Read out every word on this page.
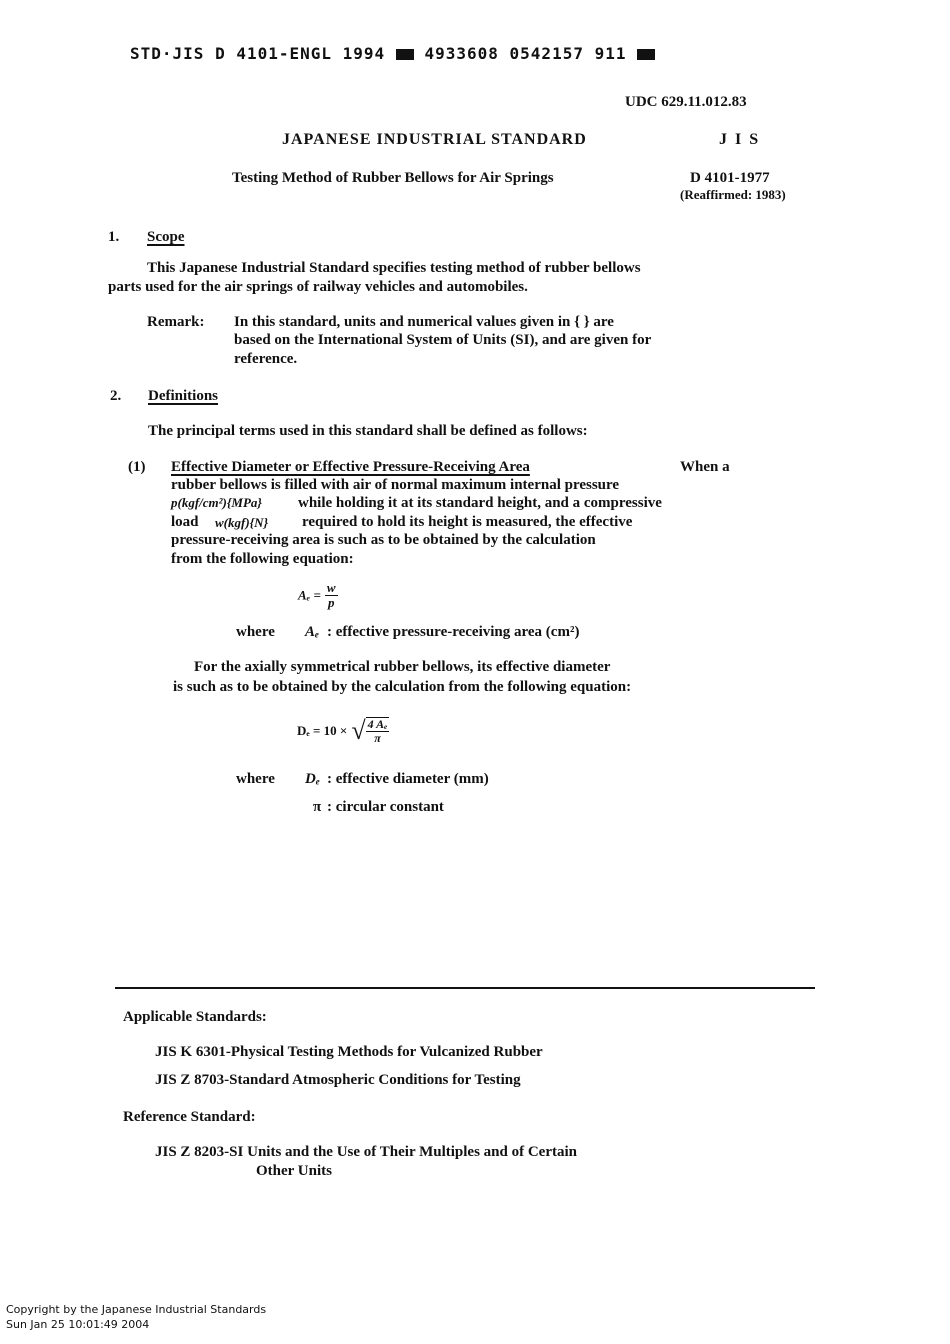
STD·JIS D 4101-ENGL 1994 4933608 0542157 911
UDC 629.11.012.83
JAPANESE INDUSTRIAL STANDARD	J I S
Testing Method of Rubber Bellows for Air Springs	D 4101-1977
(Reaffirmed: 1983)
1. Scope
This Japanese Industrial Standard specifies testing method of rubber bellows
parts used for the air springs of railway vehicles and automobiles.
Remark: In this standard, units and numerical values given in { } are
based on the International System of Units (SI), and are given for
reference.
2. Definitions
The principal terms used in this standard shall be defined as follows:
(1) Effective Diameter or Effective Pressure-Receiving Area	When a
rubber bellows is filled with air of normal maximum internal pressure
p(kgf/cm²){MPa} while holding it at its standard height, and a compressive
load w(kgf){N} required to hold its height is measured, the effective
pressure-receiving area is such as to be obtained by the calculation
from the following equation:
$A_e = \frac{w}{p}$
where Aₑ : effective pressure-receiving area (cm²)
For the axially symmetrical rubber bellows, its effective diameter
is such as to be obtained by the calculation from the following equation:
Dₑ = 10 × √ $\frac{\text{4 Aₑ}}{\pi}$
where Dₑ : effective diameter (mm)
π : circular constant
Applicable Standards:
JIS K 6301-Physical Testing Methods for Vulcanized Rubber
JIS Z 8703-Standard Atmospheric Conditions for Testing
Reference Standard:
JIS Z 8203-SI Units and the Use of Their Multiples and of Certain
Other Units
Copyright by the Japanese Industrial Standards
Sun Jan 25 10:01:49 2004
